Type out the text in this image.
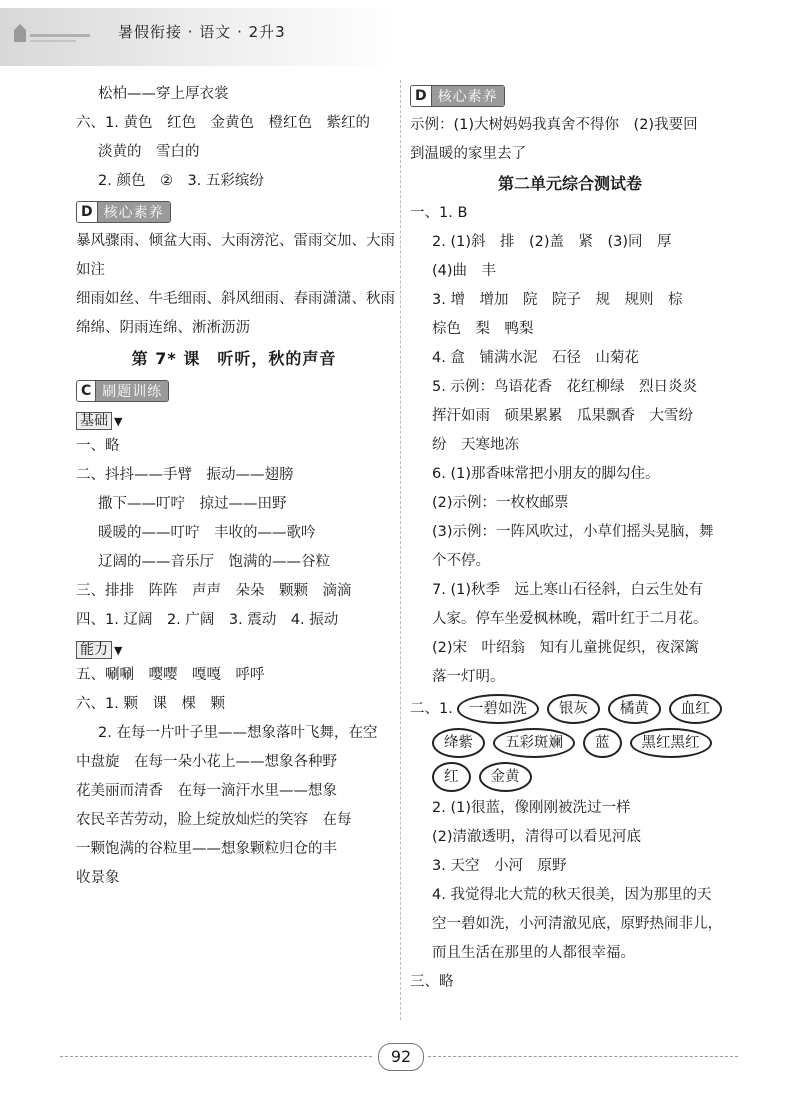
暑假衔接 · 语文 · 2升3
松柏——穿上厚衣裳
六、1. 黄色　红色　金黄色　橙红色　紫红的
淡黄的　雪白的
2. 颜色　②　3. 五彩缤纷
D 核心素养
暴风骤雨、倾盆大雨、大雨滂沱、雷雨交加、大雨
如注
细雨如丝、牛毛细雨、斜风细雨、春雨潇潇、秋雨
绵绵、阴雨连绵、淅淅沥沥
第 7* 课　听听，秋的声音
C 刷题训练
基础 ▼
一、略
二、抖抖——手臂　振动——翅膀
撒下——叮咛　掠过——田野
暖暖的——叮咛　丰收的——歌吟
辽阔的——音乐厅　饱满的——谷粒
三、排排　阵阵　声声　朵朵　颗颗　滴滴
四、1. 辽阔　2. 广阔　3. 震动　4. 振动
能力 ▼
五、唰唰　嘤嘤　嘎嘎　呼呼
六、1. 颗　课　棵　颗
2. 在每一片叶子里——想象落叶飞舞，在空
中盘旋　在每一朵小花上——想象各种野
花美丽而清香　在每一滴汗水里——想象
农民辛苦劳动，脸上绽放灿烂的笑容　在每
一颗饱满的谷粒里——想象颗粒归仓的丰
收景象
D 核心素养
示例：(1)大树妈妈我真舍不得你　(2)我要回
到温暖的家里去了
第二单元综合测试卷
一、1. B
2. (1)斜　排　(2)盖　紧　(3)同　厚
(4)曲　丰
3. 增　增加　院　院子　规　规则　棕
棕色　梨　鸭梨
4. 盒　铺满水泥　石径　山菊花
5. 示例：鸟语花香　花红柳绿　烈日炎炎
挥汗如雨　硕果累累　瓜果飘香　大雪纷
纷　天寒地冻
6. (1)那香味常把小朋友的脚勾住。
(2)示例：一枚枚邮票
(3)示例：一阵风吹过，小草们摇头晃脑，舞
个不停。
7. (1)秋季　远上寒山石径斜，白云生处有
人家。停车坐爱枫林晚，霜叶红于二月花。
(2)宋　叶绍翁　知有儿童挑促织，夜深篱
落一灯明。
二、1.	一碧如洗	银灰	橘黄	血红
绛紫	五彩斑斓	蓝	黑红黑红
红	金黄
2. (1)很蓝，像刚刚被洗过一样
(2)清澈透明，清得可以看见河底
3. 天空　小河　原野
4. 我觉得北大荒的秋天很美，因为那里的天
空一碧如洗，小河清澈见底，原野热闹非儿，
而且生活在那里的人都很幸福。
三、略
92
